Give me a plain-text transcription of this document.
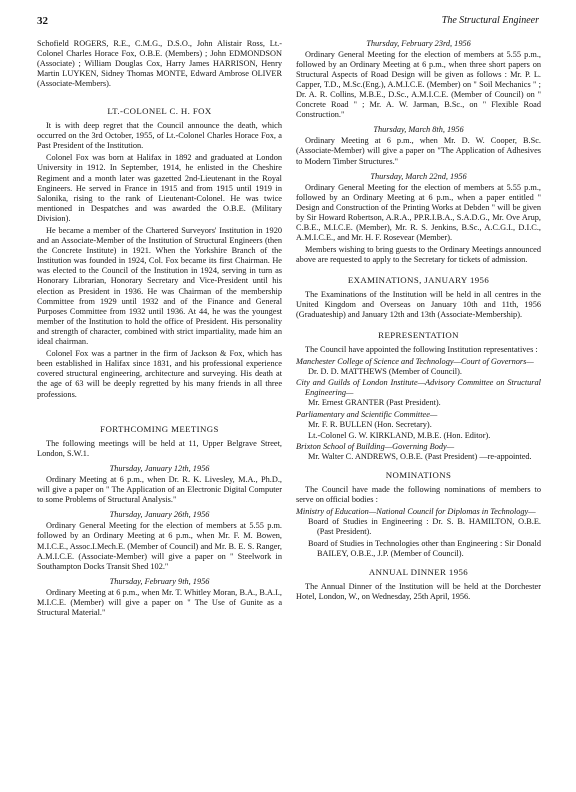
32	The Structural Engineer

Schofield ROGERS, R.E., C.M.G., D.S.O., John Alistair Ross, Lt.-Colonel Charles Horace Fox, O.B.E. (Members) ; John EDMONDSON (Associate) ; William Douglas Cox, Harry James HARRISON, Henry Martin LUYKEN, Sidney Thomas MONTE, Edward Ambrose OLIVER (Associate-Members).

LT.-COLONEL C. H. FOX

It is with deep regret that the Council announce the death, which occurred on the 3rd October, 1955, of Lt.-Colonel Charles Horace Fox, a Past President of the Institution.

Colonel Fox was born at Halifax in 1892 and graduated at London University in 1912. In September, 1914, he enlisted in the Cheshire Regiment and a month later was gazetted 2nd-Lieutenant in the Royal Engineers. He served in France in 1915 and from 1915 until 1919 in Salonika, rising to the rank of Lieutenant-Colonel. He was twice mentioned in Despatches and was awarded the O.B.E. (Military Division).

He became a member of the Chartered Surveyors' Institution in 1920 and an Associate-Member of the Institution of Structural Engineers (then the Concrete Institute) in 1921. When the Yorkshire Branch of the Institution was founded in 1924, Col. Fox became its first Chairman. He was elected to the Council of the Institution in 1924, serving in turn as Honorary Librarian, Honorary Secretary and Vice-President until his election as President in 1936. He was Chairman of the membership Committee from 1929 until 1932 and of the Finance and General Purposes Committee from 1932 until 1936. At 44, he was the youngest member of the Institution to hold the office of President. His personality and strength of character, combined with strict impartiality, made him an ideal chairman.

Colonel Fox was a partner in the firm of Jackson & Fox, which has been established in Halifax since 1831, and his professional experience covered structural engineering, architecture and surveying. His death at the age of 63 will be deeply regretted by his many friends in all three professions.

FORTHCOMING MEETINGS

The following meetings will be held at 11, Upper Belgrave Street, London, S.W.1.

Thursday, January 12th, 1956

Ordinary Meeting at 6 p.m., when Dr. R. K. Livesley, M.A., Ph.D., will give a paper on " The Application of an Electronic Digital Computer to some Problems of Structural Analysis."

Thursday, January 26th, 1956

Ordinary General Meeting for the election of members at 5.55 p.m. followed by an Ordinary Meeting at 6 p.m., when Mr. F. M. Bowen, M.I.C.E., Assoc.I.Mech.E. (Member of Council) and Mr. B. E. S. Ranger, A.M.I.C.E. (Associate-Member) will give a paper on " Steelwork in Southampton Docks Transit Shed 102."

Thursday, February 9th, 1956

Ordinary Meeting at 6 p.m., when Mr. T. Whitley Moran, B.A., B.A.I., M.I.C.E. (Member) will give a paper on " The Use of Gunite as a Structural Material."

Thursday, February 23rd, 1956

Ordinary General Meeting for the election of members at 5.55 p.m., followed by an Ordinary Meeting at 6 p.m., when three short papers on Structural Aspects of Road Design will be given as follows : Mr. P. L. Capper, T.D., M.Sc.(Eng.), A.M.I.C.E. (Member) on " Soil Mechanics " ; Dr. A. R. Collins, M.B.E., D.Sc., A.M.I.C.E. (Member of Council) on " Concrete Road " ; Mr. A. W. Jarman, B.Sc., on " Flexible Road Construction."

Thursday, March 8th, 1956

Ordinary Meeting at 6 p.m., when Mr. D. W. Cooper, B.Sc. (Associate-Member) will give a paper on "The Application of Adhesives to Modern Timber Structures."

Thursday, March 22nd, 1956

Ordinary General Meeting for the election of members at 5.55 p.m., followed by an Ordinary Meeting at 6 p.m., when a paper entitled " Design and Construction of the Printing Works at Debden " will be given by Sir Howard Robertson, A.R.A., PP.R.I.B.A., S.A.D.G., Mr. Ove Arup, C.B.E., M.I.C.E. (Member), Mr. R. S. Jenkins, B.Sc., A.C.G.I., D.I.C., A.M.I.C.E., and Mr. H. F. Rosevear (Member).

Members wishing to bring guests to the Ordinary Meetings announced above are requested to apply to the Secretary for tickets of admission.

EXAMINATIONS, JANUARY 1956

The Examinations of the Institution will be held in all centres in the United Kingdom and Overseas on January 10th and 11th, 1956 (Graduateship) and January 12th and 13th (Associate-Membership).

REPRESENTATION

The Council have appointed the following Institution representatives :

Manchester College of Science and Technology—Court of Governors—
Dr. D. D. MATTHEWS (Member of Council).
City and Guilds of London Institute—Advisory Committee on Structural Engineering—
Mr. Ernest GRANTER (Past President).
Parliamentary and Scientific Committee—
Mr. F. R. BULLEN (Hon. Secretary).
Lt.-Colonel G. W. KIRKLAND, M.B.E. (Hon. Editor).
Brixton School of Building—Governing Body—
Mr. Walter C. ANDREWS, O.B.E. (Past President) —re-appointed.
NOMINATIONS

The Council have made the following nominations of members to serve on official bodies :

Ministry of Education—National Council for Diplomas in Technology—
Board of Studies in Engineering : Dr. S. B. HAMILTON, O.B.E. (Past President).
Board of Studies in Technologies other than Engineering : Sir Donald BAILEY, O.B.E., J.P. (Member of Council).
ANNUAL DINNER 1956

The Annual Dinner of the Institution will be held at the Dorchester Hotel, London, W., on Wednesday, 25th April, 1956.
